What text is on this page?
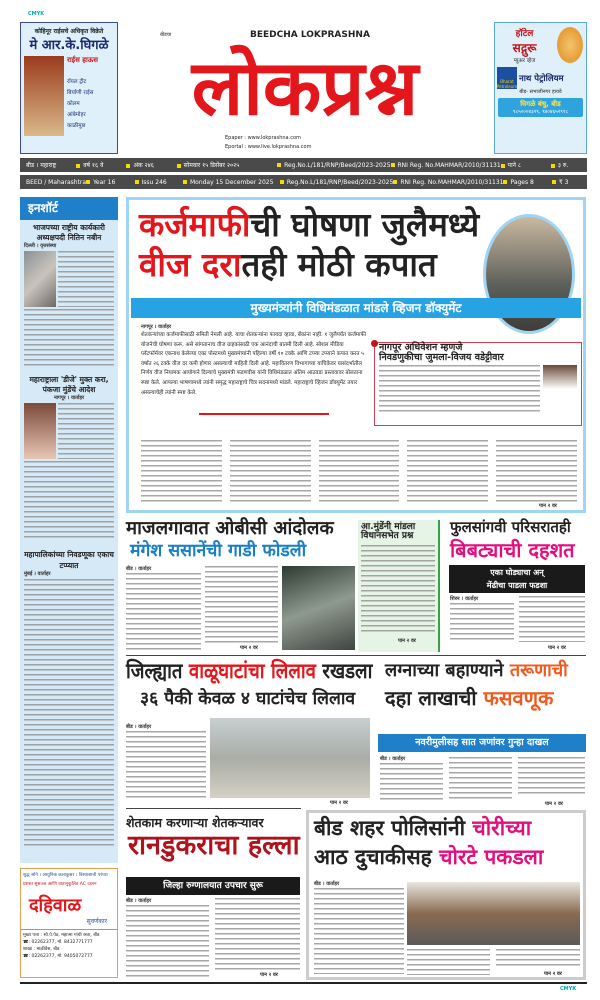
CMYK
कोहिनूर राईसचे अधिकृत विक्रेते
मे आर.के.घिगळे
राईस हाऊस
रॉयल ट्रीट
बिर्याणी राईस
कोलम
आंबेमोहर
काळीमुछ
बीडचा	BEEDCHA LOKPRASHNA
लोकप्रश्न
Epaper : www.lokprashna.com
Eportal : www.live.lokprashna.com
हॉटेल
सद्गुरू
प्युअर व्हेज
Bharat Petroleum
नाथ पेट्रोलियम
बीड- सभाजीनगर हायवे
घिगळे बंधु, बीड
९८५०००४३२९, ९४०४६५२९९८
बीड । महाराष्ट्र	वर्ष १६ वे	अंक २४६	सोमवार १५ डिसेंबर २०२५	Reg.No.L/181/RNP/Beed/2023-2025	RNI Reg. No.MAHMAR/2010/31131	पाने ८	३ रु.
BEED / Maharashtra	Year 16	Issu 246	Monday 15 December 2025	Reg.No.L/181/RNP/Beed/2023-2025	RNI Reg. No.MAHMAR/2010/31131	Pages 8	₹ 3
इनशॉर्ट
भाजपच्या राष्ट्रीय कार्यकारी अध्यक्षपदी नितिन नबीन
दिल्ली । वृत्तसंस्था
महाराष्ट्राला 'डीजे' मुक्त करा, पंकजा मुंडेंचे आदेश
नागपूर । वार्ताहर
महापालिकांच्या निवडणूका एकाच टप्प्यात
मुंबई । वार्ताहर
कर्जमाफीची घोषणा जुलैमध्ये
वीज दरातही मोठी कपात
मुख्यमंत्र्यांनी विधिमंडळात मांडले व्हिजन डॉक्युमेंट
नागपूर । वार्ताहर
शेतकऱ्यांच्या कर्जमाफीसाठी समिती नेमली आहे. याचा शेतकऱ्यांना फायदा व्हावा, बँकांना नाही. १ जुलैपर्यंत कर्जमाफी योजनेची घोषणा करू, असे सांगतानाच वीज ग्राहकांसाठी एक आनंदाची बातमी दिली आहे. सोशल मीडिया प्लॅटफॉर्मवर एकनाथ केलेल्या एका पोस्टमध्ये मुख्यमंत्र्यांनी पहिल्या वर्षी १० टक्के आणि टप्प्या टप्प्याने कपात करत ५ वर्षांत २६ टक्के वीज दर कमी होणार असल्याची माहिती दिली आहे. महावितरण विभागाच्या याचिकेवर यासंदर्भातील निर्णय वीज नियामक आयोगाने दिल्याचे मुख्यमंत्री फडणवीस यांनी विधिमंडळात अंतिम आठवडा प्रस्तावावर बोलताना स्पष्ट केले. आपल्या भाषणामध्ये त्यांनी समृद्ध महाराष्ट्राचे चित्र सदनामध्ये मांडले. महाराष्ट्राचे व्हिजन डॉक्युमेंट तयार असल्याचेही त्यांनी स्पष्ट केले.
नागपूर अधिवेशन म्हणजे
निवडणुकीचा जुमला-विजय वडेट्टीवार
पान २ वर
माजलगावात ओबीसी आंदोलक
मंगेश ससानेंची गाडी फोडली
बीड । वार्ताहर
पान २ वर
आ.मुंडेंनी मांडला
विधानसभेत प्रश्न
पान २ वर
फुलसांगवी परिसरातही
बिबट्याची दहशत
एका घोड्याचा अन्
मेंढीचा पाडला फडशा
शिरुर । वार्ताहर
पान २ वर
जिल्ह्यात वाळूघाटांचा लिलाव रखडला
३६ पैकी केवळ ४ घाटांचेच लिलाव
बीड । वार्ताहर
पान २ वर
लग्नाच्या बहाण्याने तरूणाची
दहा लाखाची फसवणूक
नवरीमुलीसह सात जणांवर गुन्हा दाखल
बीड । वार्ताहर
पान २ वर
शेतकाम करणाऱ्या शेतकऱ्यावर
रानडुकराचा हल्ला
जिल्हा रुग्णालयात उपचार सुरू
बीड । वार्ताहर
पान २ वर
बीड शहर पोलिसांनी चोरीच्या
आठ दुचाकीसह चोरटे पकडला
बीड । वार्ताहर
पान २ वर
शुद्ध सोने । आधुनिक कलाकुसर । विश्वासाची परंपरा
प्रशस्त सुसज्ज आणि वातानुकूलित AC दालन
दहिवाळ
सुवर्णकार
मुख्य पत्ता : सो.पे.पेठ, महात्मा गांधी रस्ता, बीड
☎: 02262377, मो. 8432771777
शाखा : माळीवेस, बीड
☎: 02262377, मो. 9405072777
CMYK
